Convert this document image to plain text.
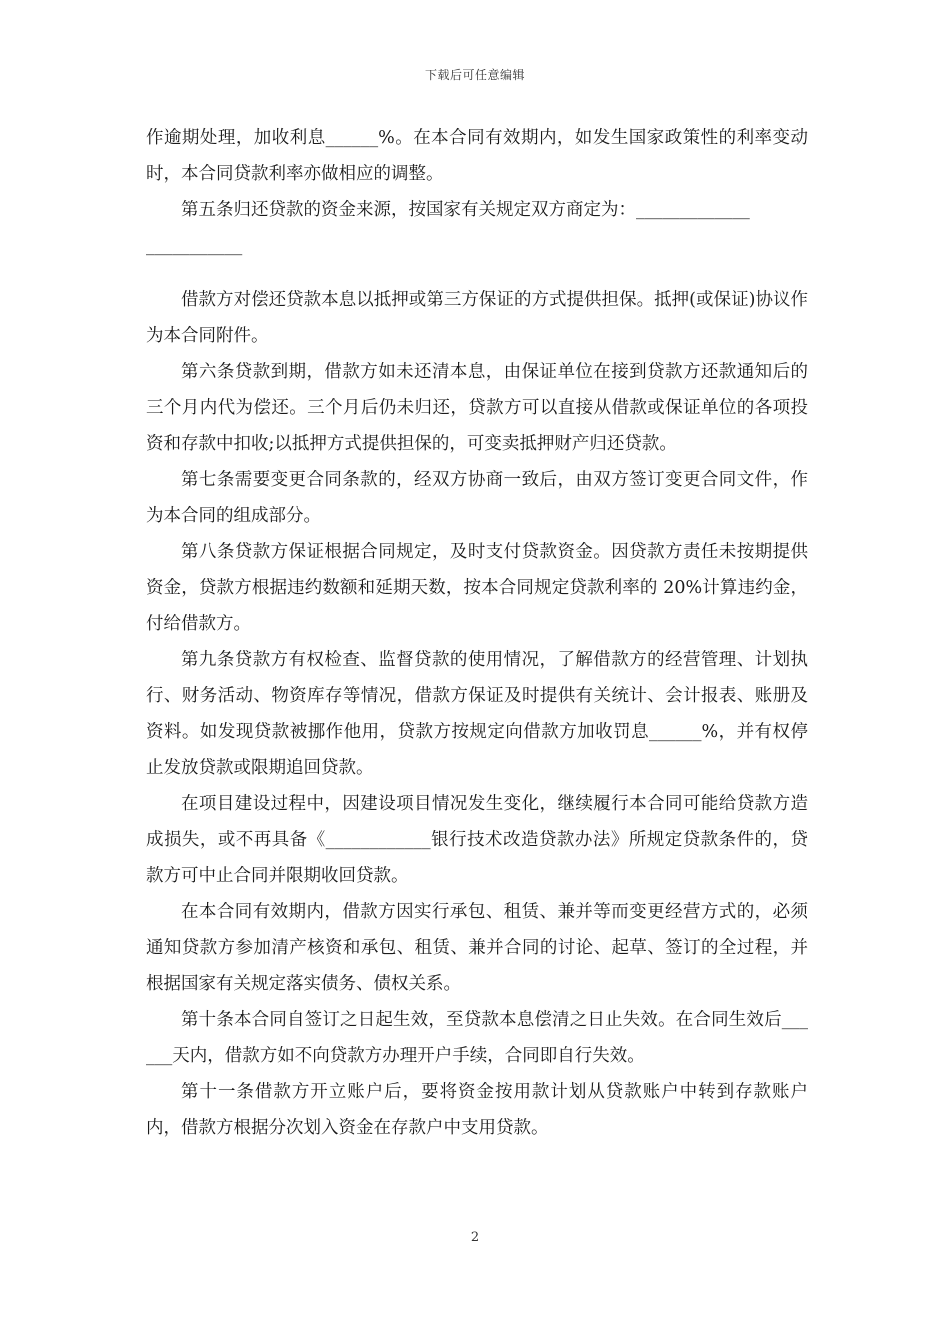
下载后可任意编辑

作逾期处理，加收利息______%。在本合同有效期内，如发生国家政策性的利率变动时，本合同贷款利率亦做相应的调整。

第五条归还贷款的资金来源，按国家有关规定双方商定为：_____________

___________

借款方对偿还贷款本息以抵押或第三方保证的方式提供担保。抵押(或保证)协议作为本合同附件。

第六条贷款到期，借款方如未还清本息，由保证单位在接到贷款方还款通知后的三个月内代为偿还。三个月后仍未归还，贷款方可以直接从借款或保证单位的各项投资和存款中扣收;以抵押方式提供担保的，可变卖抵押财产归还贷款。

第七条需要变更合同条款的，经双方协商一致后，由双方签订变更合同文件，作为本合同的组成部分。

第八条贷款方保证根据合同规定，及时支付贷款资金。因贷款方责任未按期提供资金，贷款方根据违约数额和延期天数，按本合同规定贷款利率的 20%计算违约金，付给借款方。

第九条贷款方有权检查、监督贷款的使用情况，了解借款方的经营管理、计划执行、财务活动、物资库存等情况，借款方保证及时提供有关统计、会计报表、账册及资料。如发现贷款被挪作他用，贷款方按规定向借款方加收罚息______%，并有权停止发放贷款或限期追回贷款。

在项目建设过程中，因建设项目情况发生变化，继续履行本合同可能给贷款方造成损失，或不再具备《____________银行技术改造贷款办法》所规定贷款条件的，贷款方可中止合同并限期收回贷款。

在本合同有效期内，借款方因实行承包、租赁、兼并等而变更经营方式的，必须通知贷款方参加清产核资和承包、租赁、兼并合同的讨论、起草、签订的全过程，并根据国家有关规定落实债务、债权关系。

第十条本合同自签订之日起生效，至贷款本息偿清之日止失效。在合同生效后______天内，借款方如不向贷款方办理开户手续，合同即自行失效。

第十一条借款方开立账户后，要将资金按用款计划从贷款账户中转到存款账户内，借款方根据分次划入资金在存款户中支用贷款。

2
